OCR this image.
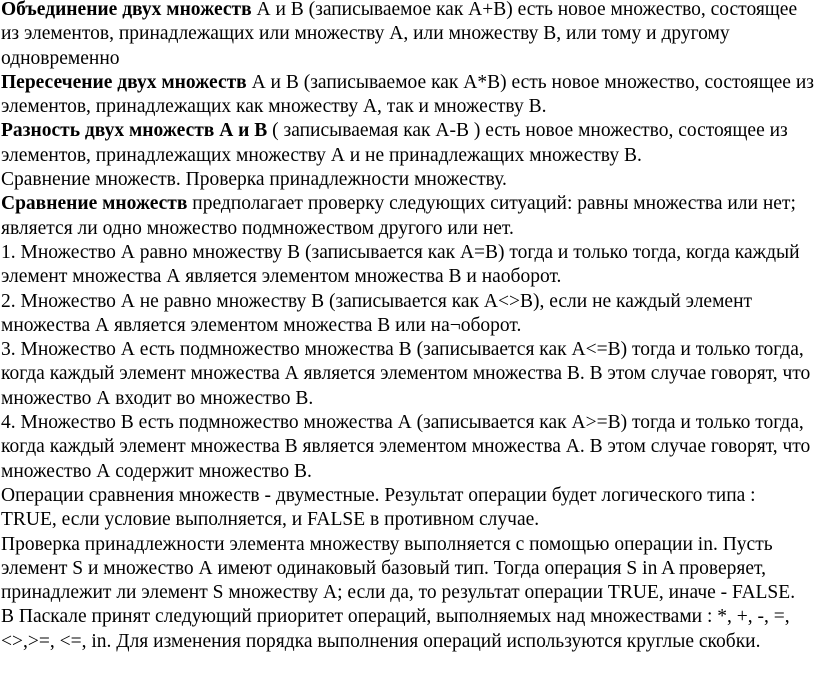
Объединение двух множеств А и В (записываемое как А+В) есть новое множество, состоящее из элементов, принадлежащих или множеству А, или множеству В, или тому и другому одновременно

Пересечение двух множеств А и В (записываемое как А*В) есть новое множество, состоящее из элементов, принадлежащих как множеству А, так и множеству В.

Разность двух множеств А и В ( записываемая как А-В ) есть новое множество, состоящее из элементов, принадлежащих множеству А и не принадлежащих множеству В.

Сравнение множеств. Проверка принадлежности множеству.

Сравнение множеств предполагает проверку следующих ситуаций: равны множества или нет; является ли одно множество подмножеством другого или нет.

1. Множество А равно множеству В (записывается как А=В) тогда и только тогда, когда каждый элемент множества А является элементом множества В и наоборот.

2. Множество А не равно множеству В (записывается как А<>В), если не каждый элемент множества А является элементом множества В или на¬оборот.

3. Множество А есть подмножество множества В (записывается как А<=В) тогда и только тогда, когда каждый элемент множества А является элементом множества В. В этом случае говорят, что множество А входит во множество В.

4. Множество В есть подмножество множества А (записывается как А>=В) тогда и только тогда, когда каждый элемент множества В является элементом множества А. В этом случае говорят, что множество А содержит множество В.

Операции сравнения множеств - двуместные. Результат операции будет логического типа : TRUE, если условие выполняется, и FALSE в противном случае.

Проверка принадлежности элемента множеству выполняется с помощью операции in. Пусть элемент S и множество А имеют одинаковый базовый тип. Тогда операция S in A проверяет, принадлежит ли элемент S множеству А; если да, то результат операции TRUE, иначе - FALSE.

В Паскале принят следующий приоритет операций, выполняемых над множествами : *, +, -, =, <>,>=, <=, in. Для изменения порядка выполнения операций используются круглые скобки.
